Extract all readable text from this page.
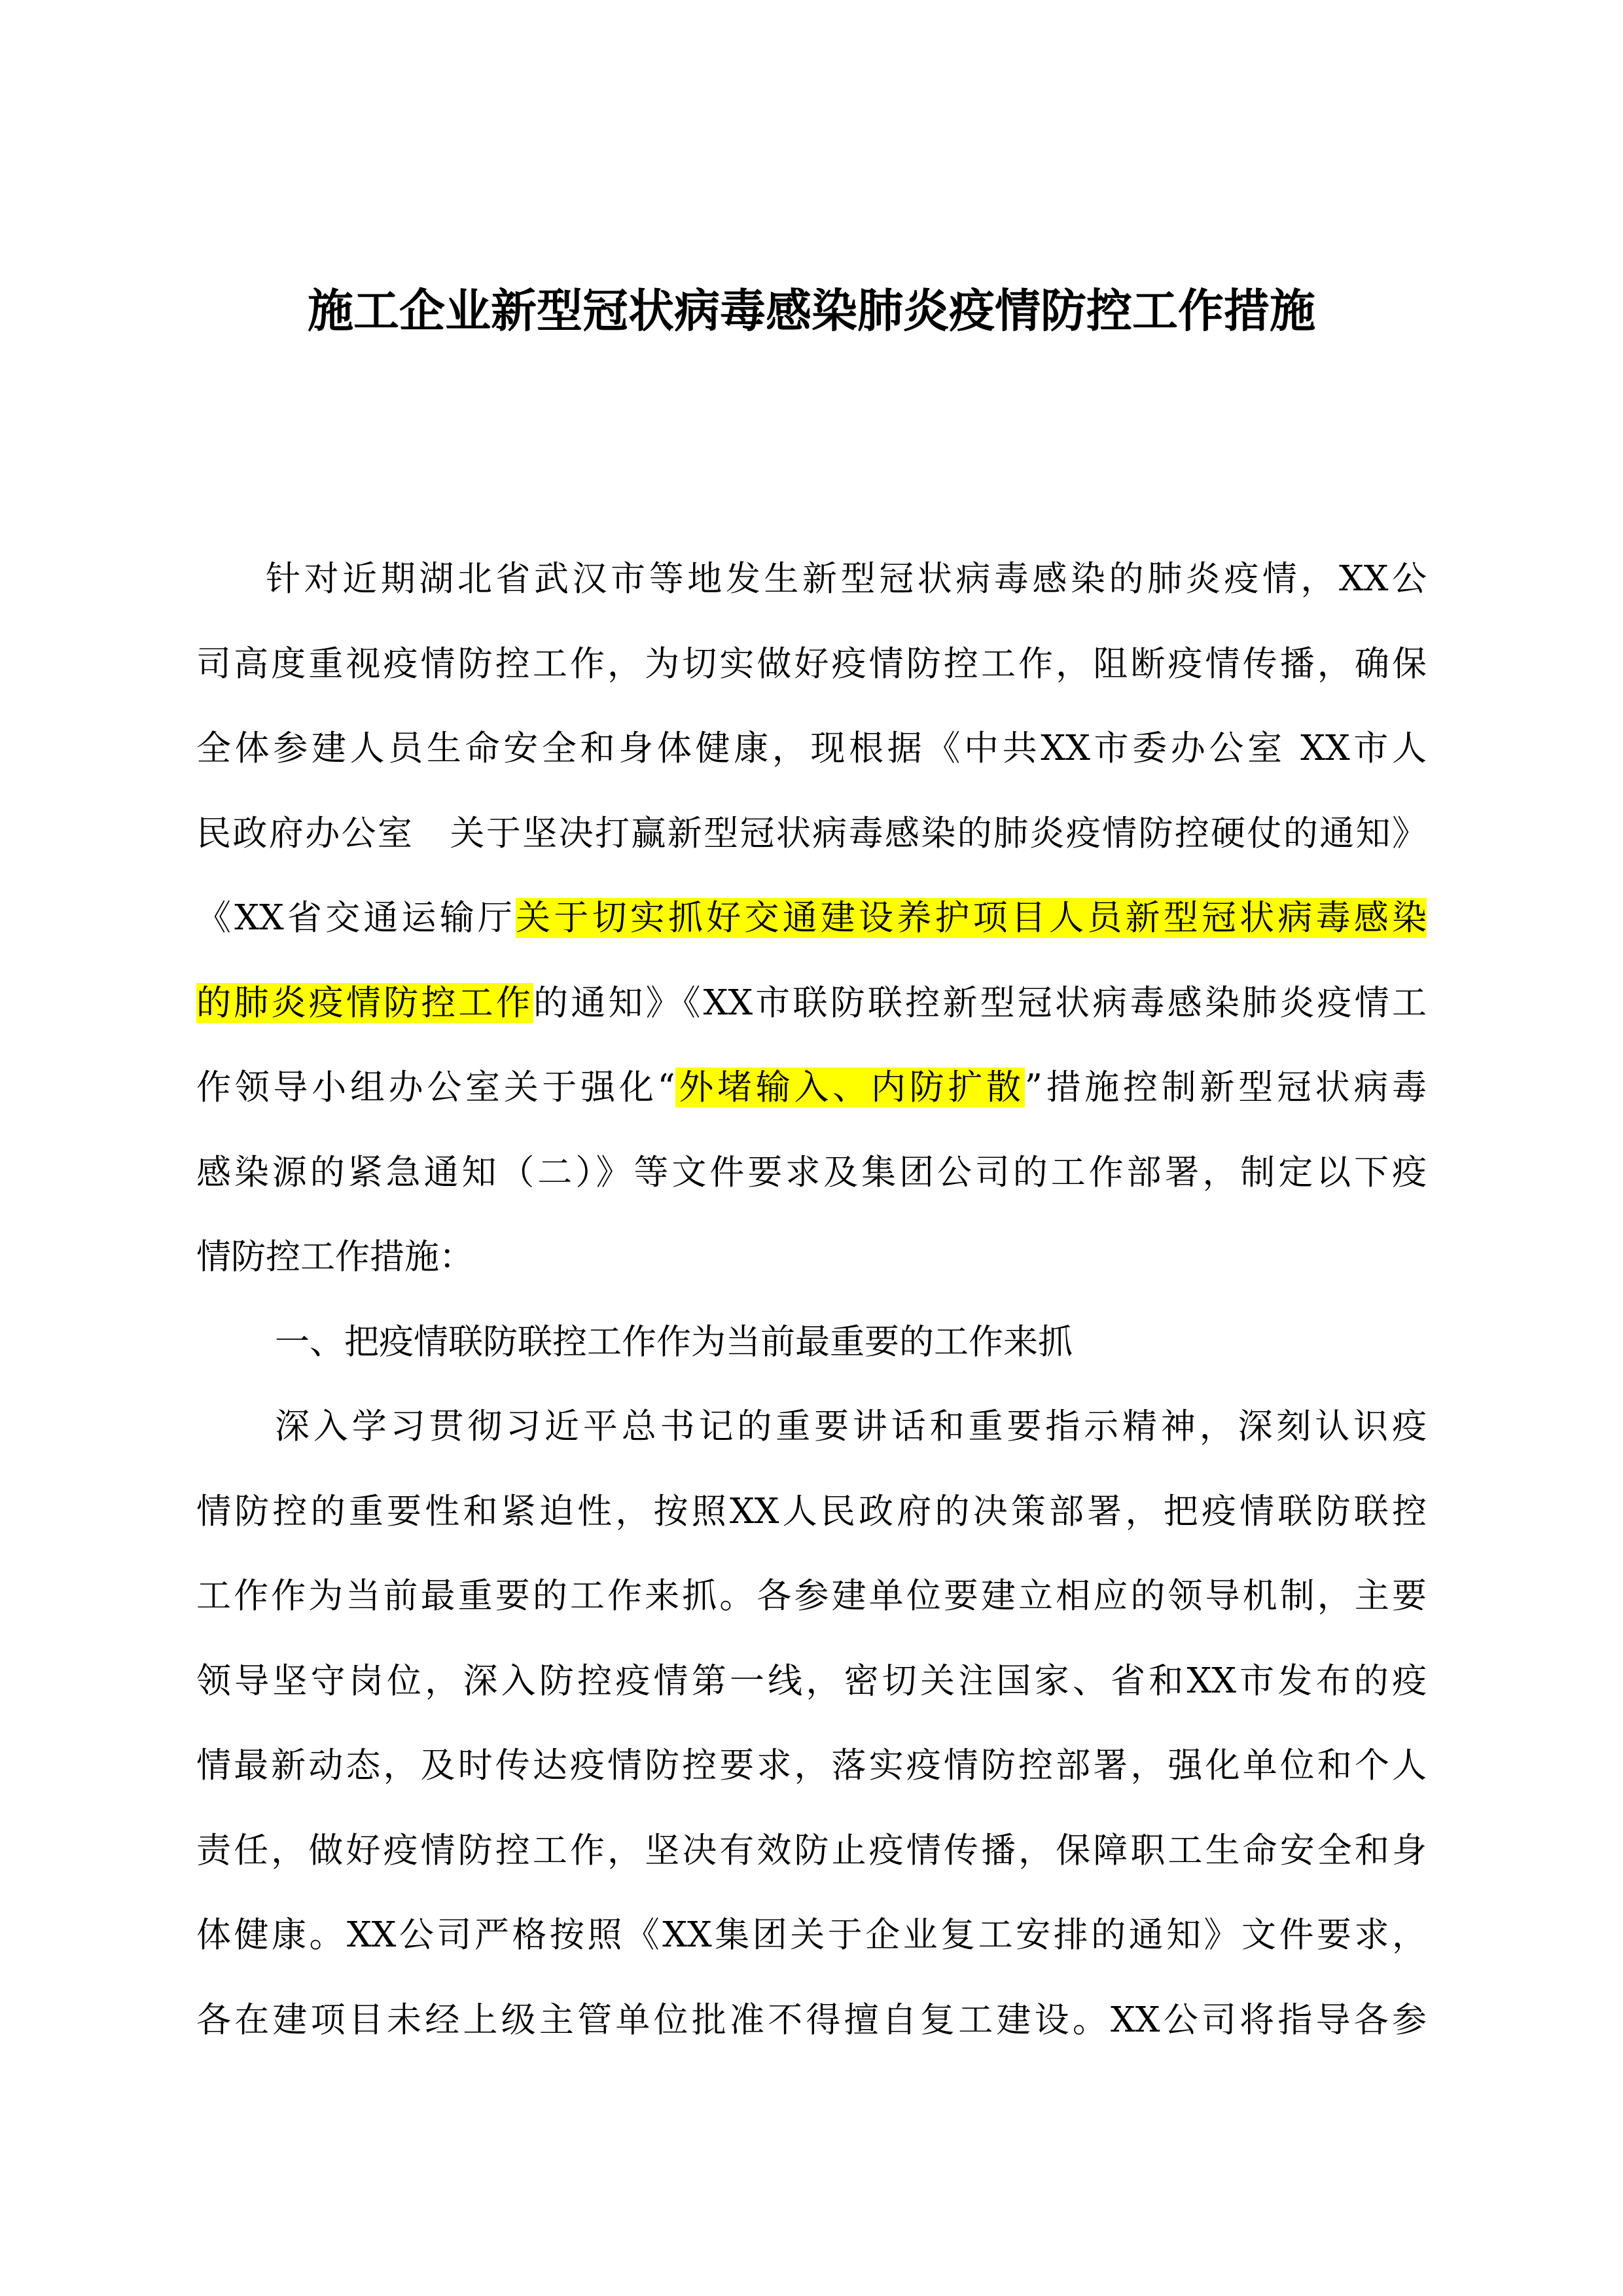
施工企业新型冠状病毒感染肺炎疫情防控工作措施
针对近期湖北省武汉市等地发生新型冠状病毒感染的肺炎疫情，XX公
司高度重视疫情防控工作，为切实做好疫情防控工作，阻断疫情传播，确保
全体参建人员生命安全和身体健康，现根据《中共XX市委办公室 XX市人
民政府办公室　关于坚决打赢新型冠状病毒感染的肺炎疫情防控硬仗的通知》
《XX省交通运输厅关于切实抓好交通建设养护项目人员新型冠状病毒感染
的肺炎疫情防控工作的通知》《XX市联防联控新型冠状病毒感染肺炎疫情工
作领导小组办公室关于强化“外堵输入、内防扩散”措施控制新型冠状病毒
感染源的紧急通知（二）》等文件要求及集团公司的工作部署，制定以下疫
情防控工作措施：
一、把疫情联防联控工作作为当前最重要的工作来抓
深入学习贯彻习近平总书记的重要讲话和重要指示精神，深刻认识疫
情防控的重要性和紧迫性，按照XX人民政府的决策部署，把疫情联防联控
工作作为当前最重要的工作来抓。各参建单位要建立相应的领导机制，主要
领导坚守岗位，深入防控疫情第一线，密切关注国家、省和XX市发布的疫
情最新动态，及时传达疫情防控要求，落实疫情防控部署，强化单位和个人
责任，做好疫情防控工作，坚决有效防止疫情传播，保障职工生命安全和身
体健康。XX公司严格按照《XX集团关于企业复工安排的通知》文件要求，
各在建项目未经上级主管单位批准不得擅自复工建设。XX公司将指导各参
